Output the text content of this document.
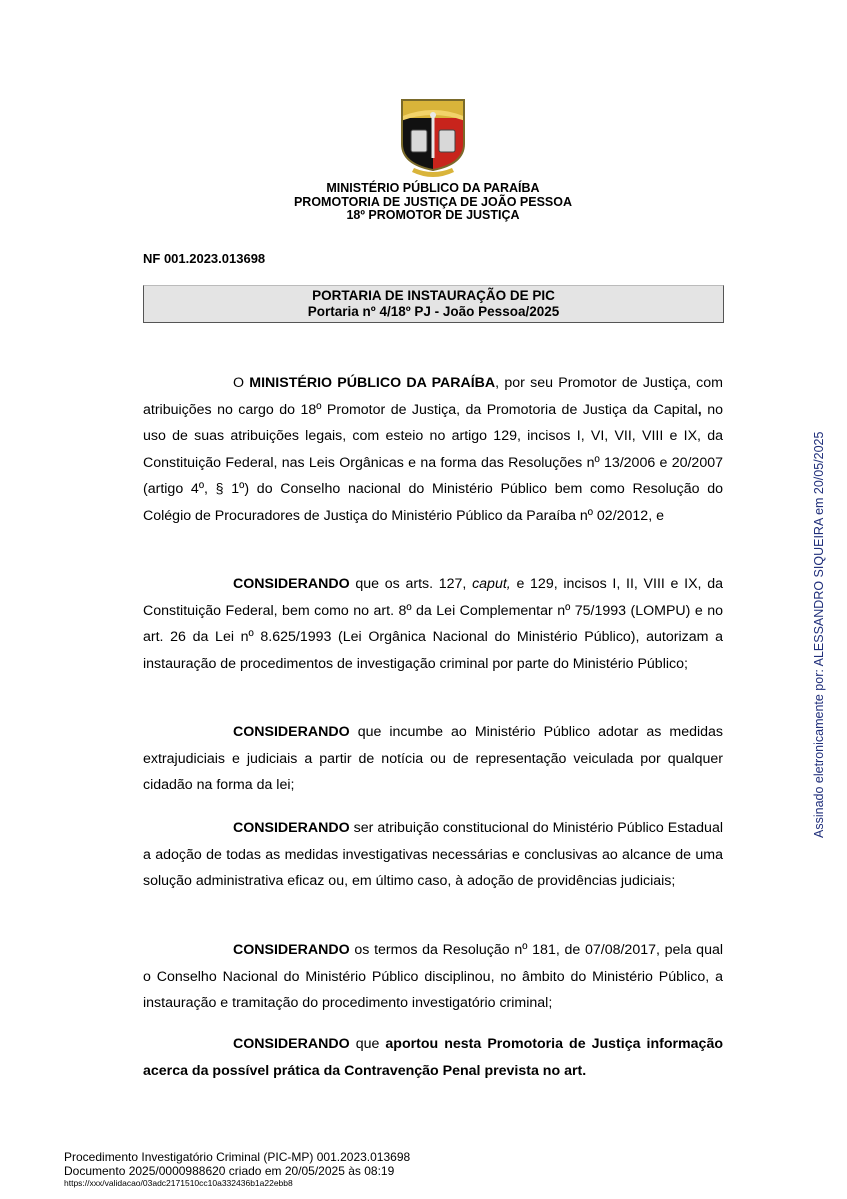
MINISTÉRIO PÚBLICO DA PARAÍBA
PROMOTORIA DE JUSTIÇA DE JOÃO PESSOA
18º PROMOTOR DE JUSTIÇA
NF 001.2023.013698
PORTARIA DE INSTAURAÇÃO DE PIC
Portaria nº 4/18º PJ - João Pessoa/2025
O MINISTÉRIO PÚBLICO DA PARAÍBA, por seu Promotor de Justiça, com atribuições no cargo do 18º Promotor de Justiça, da Promotoria de Justiça da Capital, no uso de suas atribuições legais, com esteio no artigo 129, incisos I, VI, VII, VIII e IX, da Constituição Federal, nas Leis Orgânicas e na forma das Resoluções nº 13/2006 e 20/2007 (artigo 4º, § 1º) do Conselho nacional do Ministério Público bem como Resolução do Colégio de Procuradores de Justiça do Ministério Público da Paraíba nº 02/2012, e
CONSIDERANDO que os arts. 127, caput, e 129, incisos I, II, VIII e IX, da Constituição Federal, bem como no art. 8º da Lei Complementar nº 75/1993 (LOMPU) e no art. 26 da Lei nº 8.625/1993 (Lei Orgânica Nacional do Ministério Público), autorizam a instauração de procedimentos de investigação criminal por parte do Ministério Público;
CONSIDERANDO que incumbe ao Ministério Público adotar as medidas extrajudiciais e judiciais a partir de notícia ou de representação veiculada por qualquer cidadão na forma da lei;
CONSIDERANDO ser atribuição constitucional do Ministério Público Estadual a adoção de todas as medidas investigativas necessárias e conclusivas ao alcance de uma solução administrativa eficaz ou, em último caso, à adoção de providências judiciais;
CONSIDERANDO os termos da Resolução nº 181, de 07/08/2017, pela qual o Conselho Nacional do Ministério Público disciplinou, no âmbito do Ministério Público, a instauração e tramitação do procedimento investigatório criminal;
CONSIDERANDO que aportou nesta Promotoria de Justiça informação acerca da possível prática da Contravenção Penal prevista no art.
Assinado eletronicamente por: ALESSANDRO SIQUEIRA em 20/05/2025
Procedimento Investigatório Criminal (PIC-MP) 001.2023.013698
Documento 2025/0000988620 criado em 20/05/2025 às 08:19
https://xxx/validacao/03adc2171510cc10a332436b1a22ebb8
